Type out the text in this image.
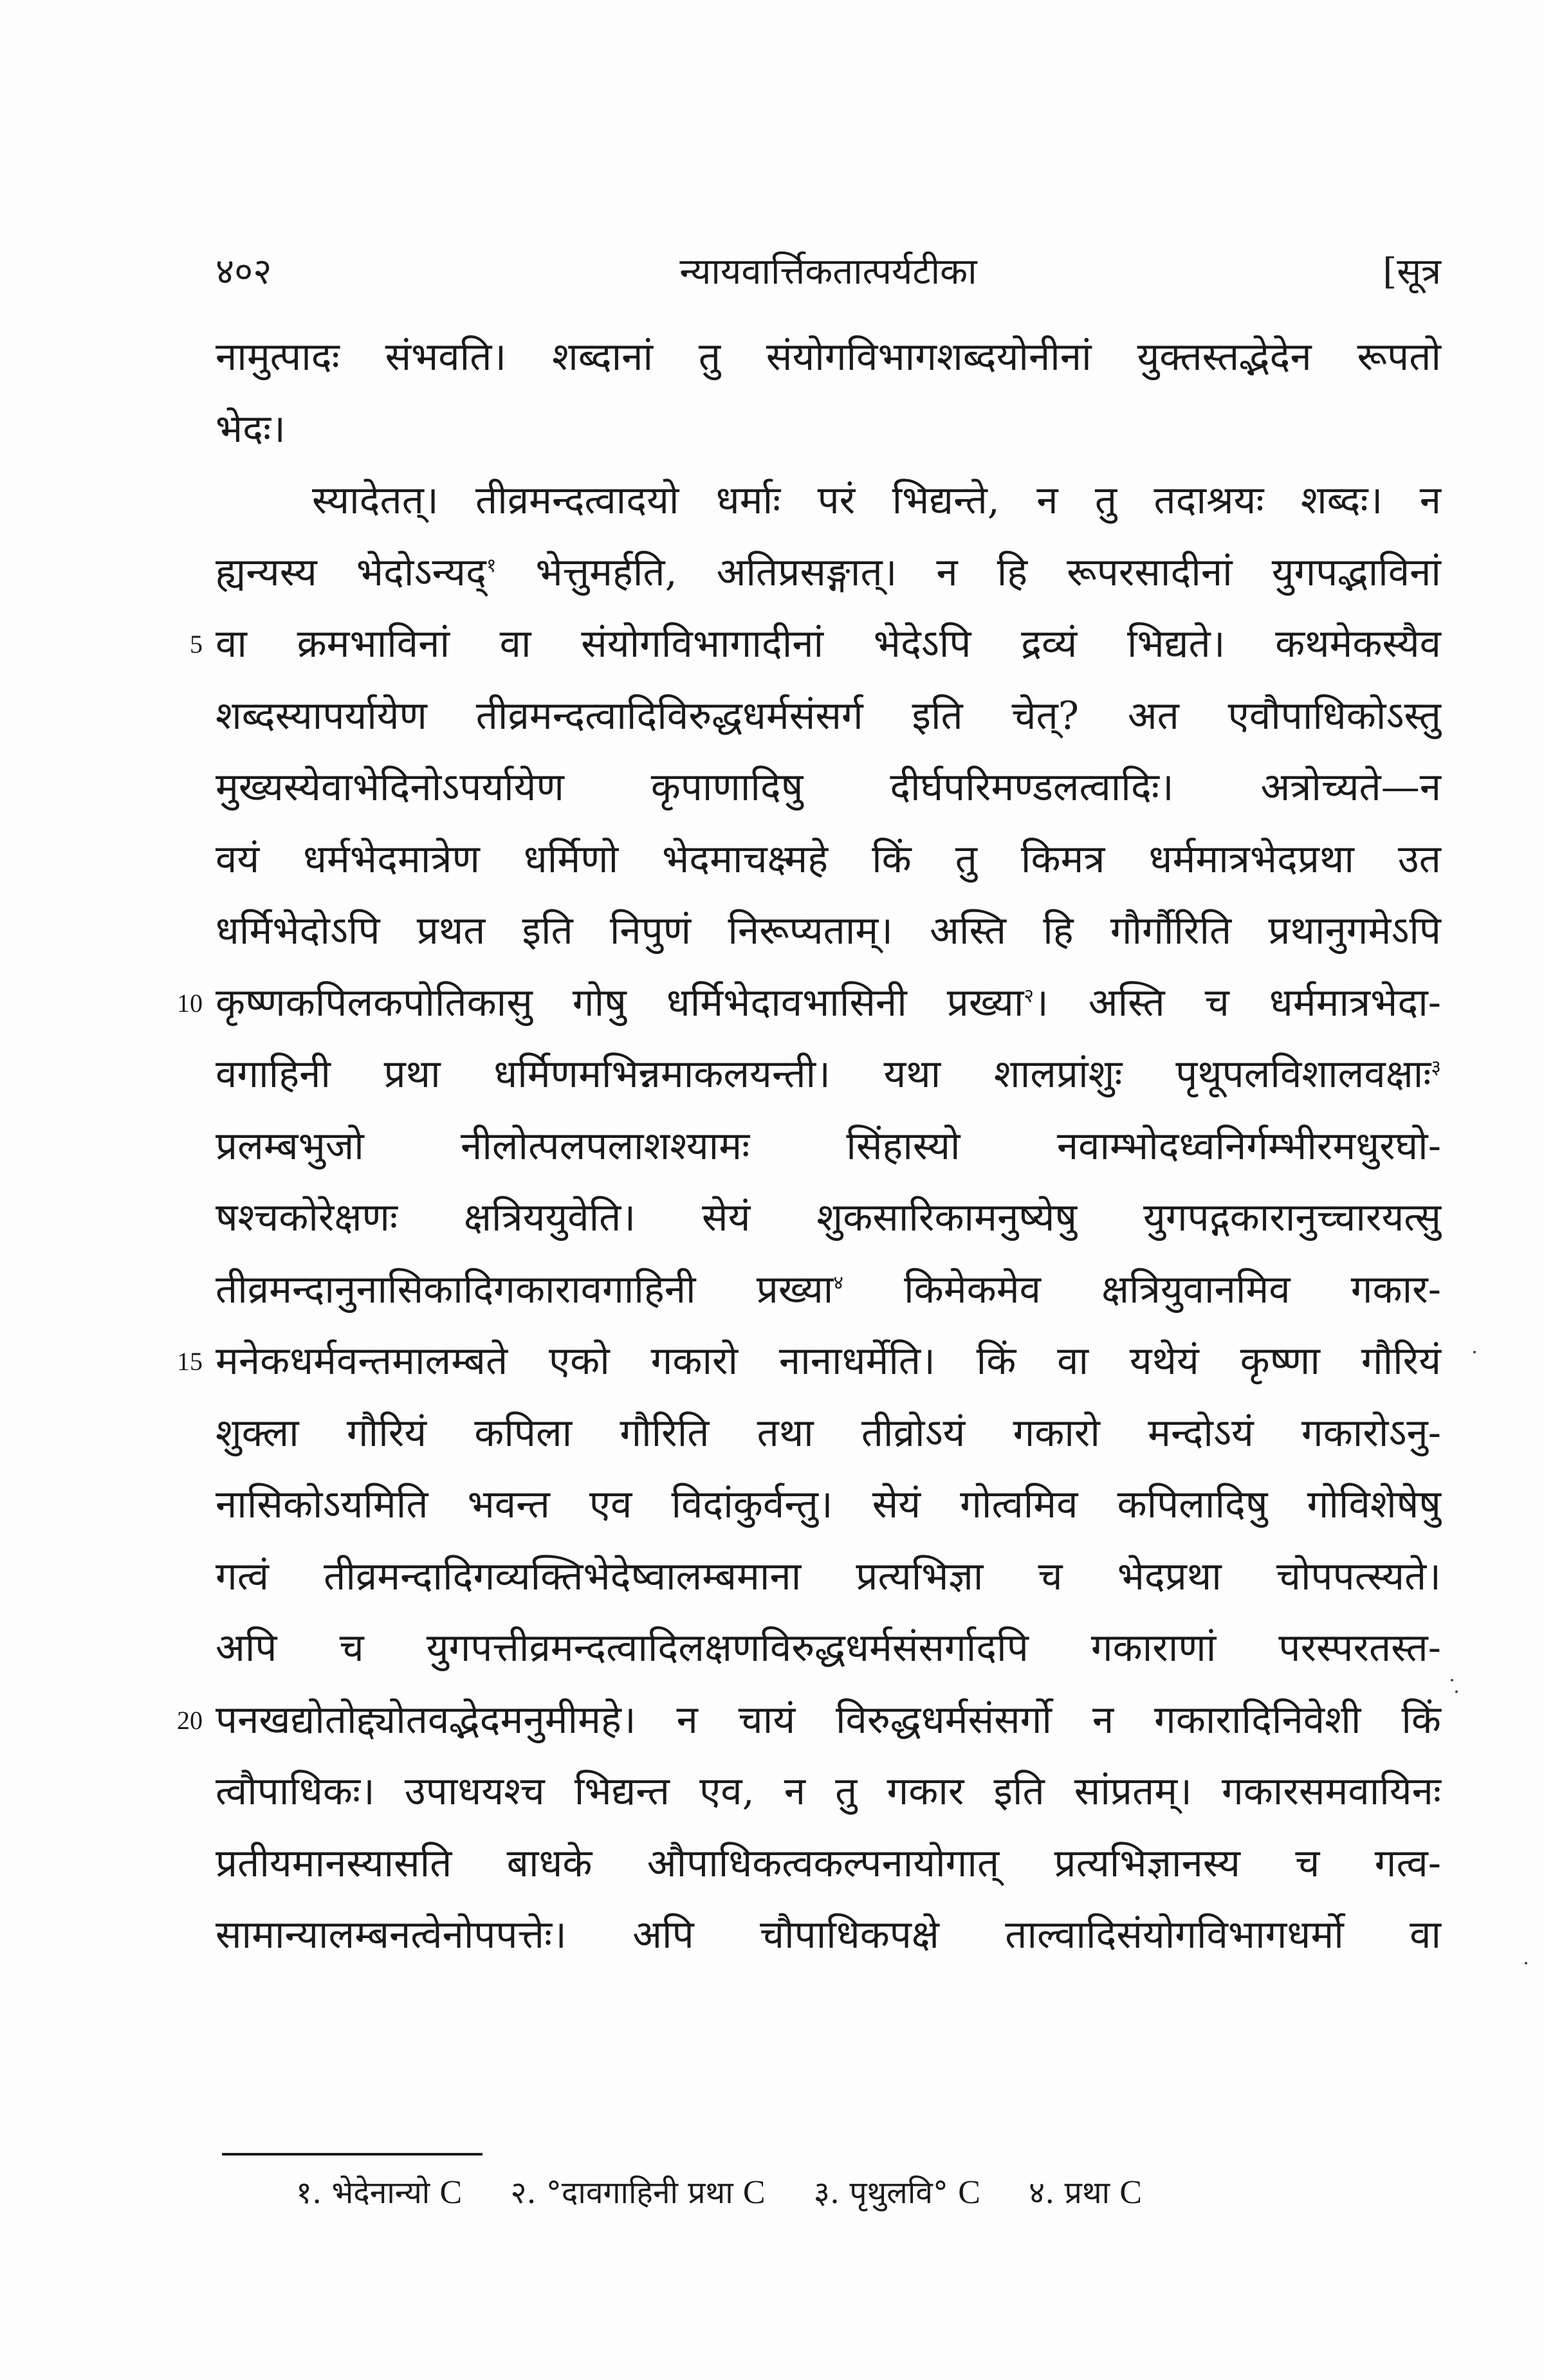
४०२	न्यायवार्त्तिकतात्पर्यटीका	[सूत्र
नामुत्पादः संभवति। शब्दानां तु संयोगविभागशब्दयोनीनां युक्तस्तद्भेदेन रूपतो
भेदः।
स्यादेतत्। तीव्रमन्दत्वादयो धर्माः परं भिद्यन्ते, न तु तदाश्रयः शब्दः। न
ह्यन्यस्य भेदोऽन्यद्$^१$ भेत्तुमर्हति, अतिप्रसङ्गात्। न हि रूपरसादीनां युगपद्भाविनां
5 वा क्रमभाविनां वा संयोगविभागादीनां भेदेऽपि द्रव्यं भिद्यते। कथमेकस्यैव
शब्दस्यापर्यायेण तीव्रमन्दत्वादिविरुद्धधर्मसंसर्ग इति चेत्? अत एवौपाधिकोऽस्तु
मुख्यस्येवाभेदिनोऽपर्यायेण कृपाणादिषु दीर्घपरिमण्डलत्वादिः। अत्रोच्यते—न
वयं धर्मभेदमात्रेण धर्मिणो भेदमाचक्ष्महे किं तु किमत्र धर्ममात्रभेदप्रथा उत
धर्मिभेदोऽपि प्रथत इति निपुणं निरूप्यताम्। अस्ति हि गौर्गौरिति प्रथानुगमेऽपि
10 कृष्णकपिलकपोतिकासु गोषु धर्मिभेदावभासिनी प्रख्या$^२$। अस्ति च धर्ममात्रभेदा-
वगाहिनी प्रथा धर्मिणमभिन्नमाकलयन्ती। यथा शालप्रांशुः पृथूपलविशालवक्षाः$^३$
प्रलम्बभुजो नीलोत्पलपलाशश्यामः सिंहास्यो नवाम्भोदध्वनिर्गम्भीरमधुरघो-
षश्चकोरेक्षणः क्षत्रिययुवेति। सेयं शुकसारिकामनुष्येषु युगपद्गकारानुच्चारयत्सु
तीव्रमन्दानुनासिकादिगकारावगाहिनी प्रख्या$^४$ किमेकमेव क्षत्रियुवानमिव गकार-
15 मनेकधर्मवन्तमालम्बते एको गकारो नानाधर्मेति। किं वा यथेयं कृष्णा गौरियं
शुक्ला गौरियं कपिला गौरिति तथा तीव्रोऽयं गकारो मन्दोऽयं गकारोऽनु-
नासिकोऽयमिति भवन्त एव विदांकुर्वन्तु। सेयं गोत्वमिव कपिलादिषु गोविशेषेषु
गत्वं तीव्रमन्दादिगव्यक्तिभेदेष्वालम्बमाना प्रत्यभिज्ञा च भेदप्रथा चोपपत्स्यते।
अपि च युगपत्तीव्रमन्दत्वादिलक्षणविरुद्धधर्मसंसर्गादपि गकाराणां परस्परतस्त-
20 पनखद्योतोद्द्योतवद्भेदमनुमीमहे। न चायं विरुद्धधर्मसंसर्गो न गकारादिनिवेशी किं
त्वौपाधिकः। उपाधयश्च भिद्यन्त एव, न तु गकार इति सांप्रतम्। गकारसमवायिनः
प्रतीयमानस्यासति बाधके औपाधिकत्वकल्पनायोगात् प्रत्यभिज्ञानस्य च गत्व-
सामान्यालम्बनत्वेनोपपत्तेः। अपि चौपाधिकपक्षे ताल्वादिसंयोगविभागधर्मो वा
१. भेदेनान्यो C २. °दावगाहिनी प्रथा C ३. पृथुलवि° C ४. प्रथा C
